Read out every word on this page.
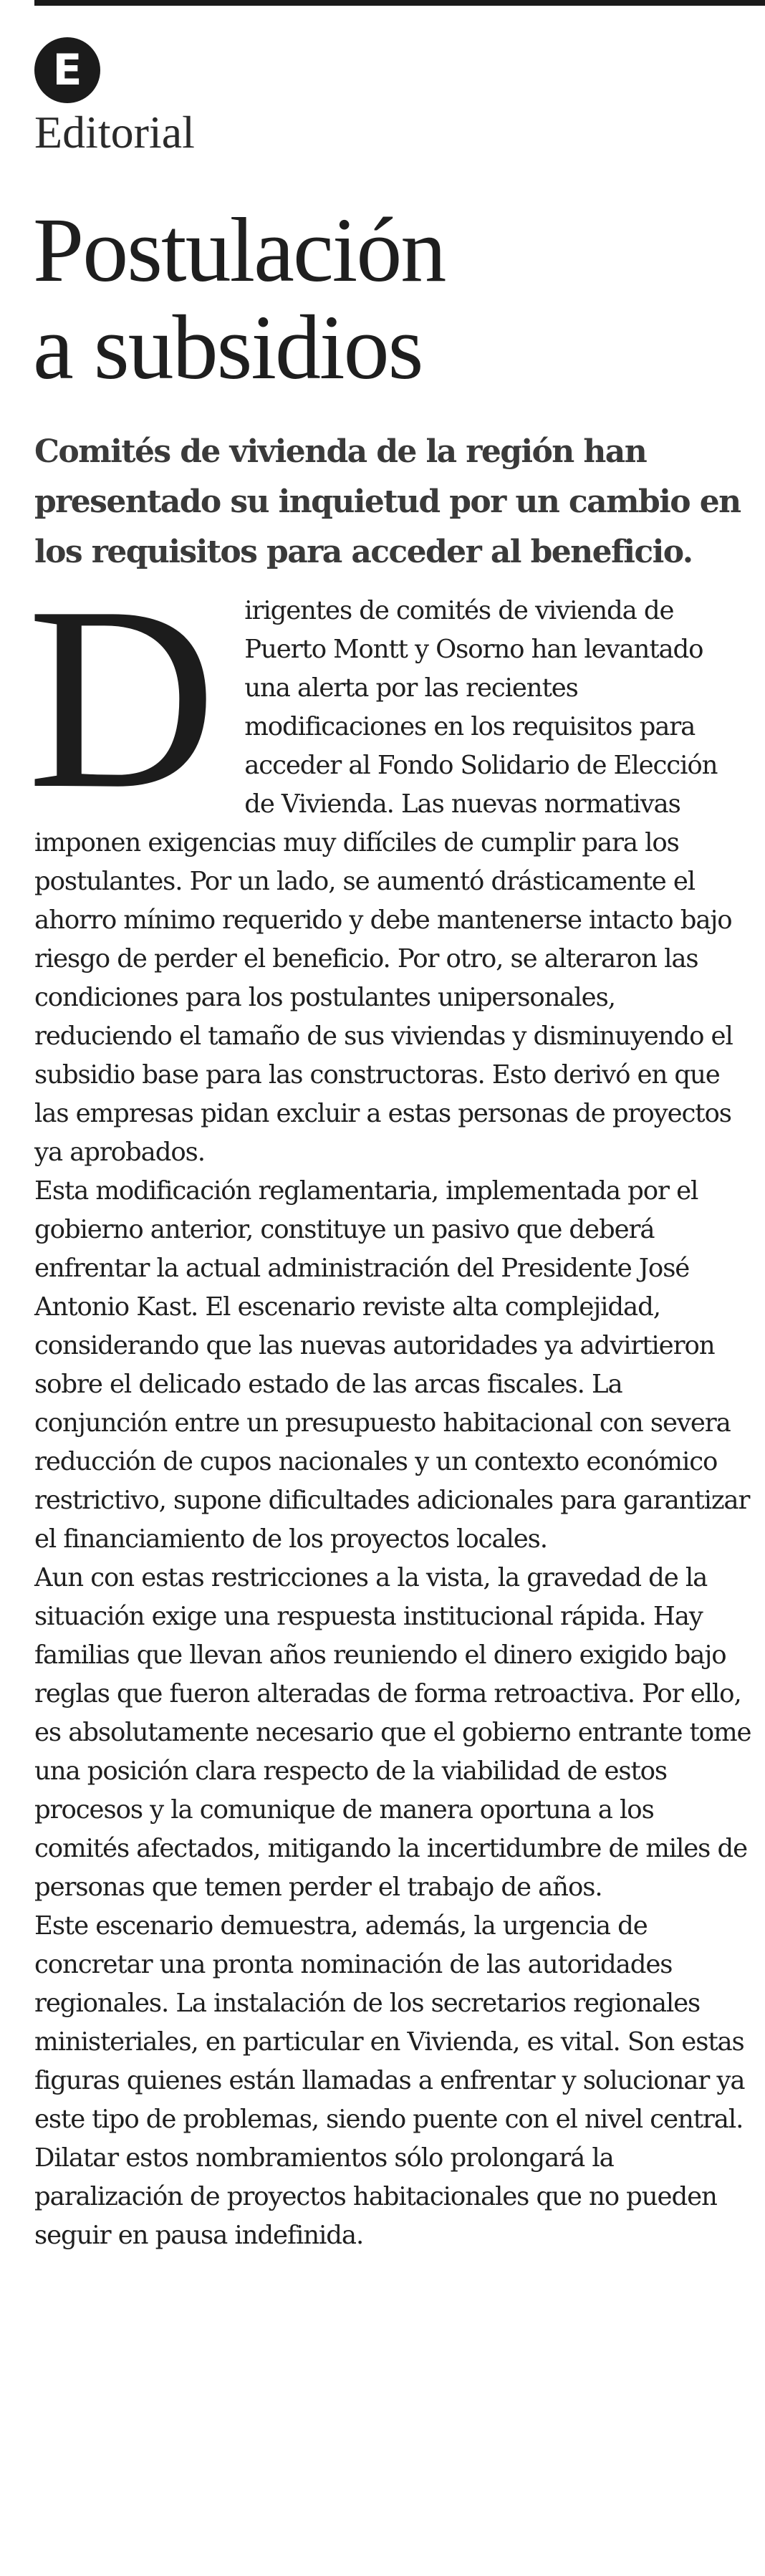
E
Editorial
Postulación
a subsidios

Comités de vivienda de la región han presentado su inquietud por un cambio en los requisitos para acceder al beneficio.

D irigentes de comités de vivienda de Puerto Montt y Osorno han levantado una alerta por las recientes modificaciones en los requisitos para acceder al Fondo Solidario de Elección de Vivienda. Las nuevas normativas imponen exigencias muy difíciles de cumplir para los postulantes. Por un lado, se aumentó drásticamente el ahorro mínimo requerido y debe mantenerse intacto bajo riesgo de perder el beneficio. Por otro, se alteraron las condiciones para los postulantes unipersonales, reduciendo el tamaño de sus viviendas y disminuyendo el subsidio base para las constructoras. Esto derivó en que las empresas pidan excluir a estas personas de proyectos ya aprobados.

Esta modificación reglamentaria, implementada por el gobierno anterior, constituye un pasivo que deberá enfrentar la actual administración del Presidente José Antonio Kast. El escenario reviste alta complejidad, considerando que las nuevas autoridades ya advirtieron sobre el delicado estado de las arcas fiscales. La conjunción entre un presupuesto habitacional con severa reducción de cupos nacionales y un contexto económico restrictivo, supone dificultades adicionales para garantizar el financiamiento de los proyectos locales.

Aun con estas restricciones a la vista, la gravedad de la situación exige una respuesta institucional rápida. Hay familias que llevan años reuniendo el dinero exigido bajo reglas que fueron alteradas de forma retroactiva. Por ello, es absolutamente necesario que el gobierno entrante tome una posición clara respecto de la viabilidad de estos procesos y la comunique de manera oportuna a los comités afectados, mitigando la incertidumbre de miles de personas que temen perder el trabajo de años.

Este escenario demuestra, además, la urgencia de concretar una pronta nominación de las autoridades regionales. La instalación de los secretarios regionales ministeriales, en particular en Vivienda, es vital. Son estas figuras quienes están llamadas a enfrentar y solucionar ya este tipo de problemas, siendo puente con el nivel central. Dilatar estos nombramientos sólo prolongará la paralización de proyectos habitacionales que no pueden seguir en pausa indefinida.
